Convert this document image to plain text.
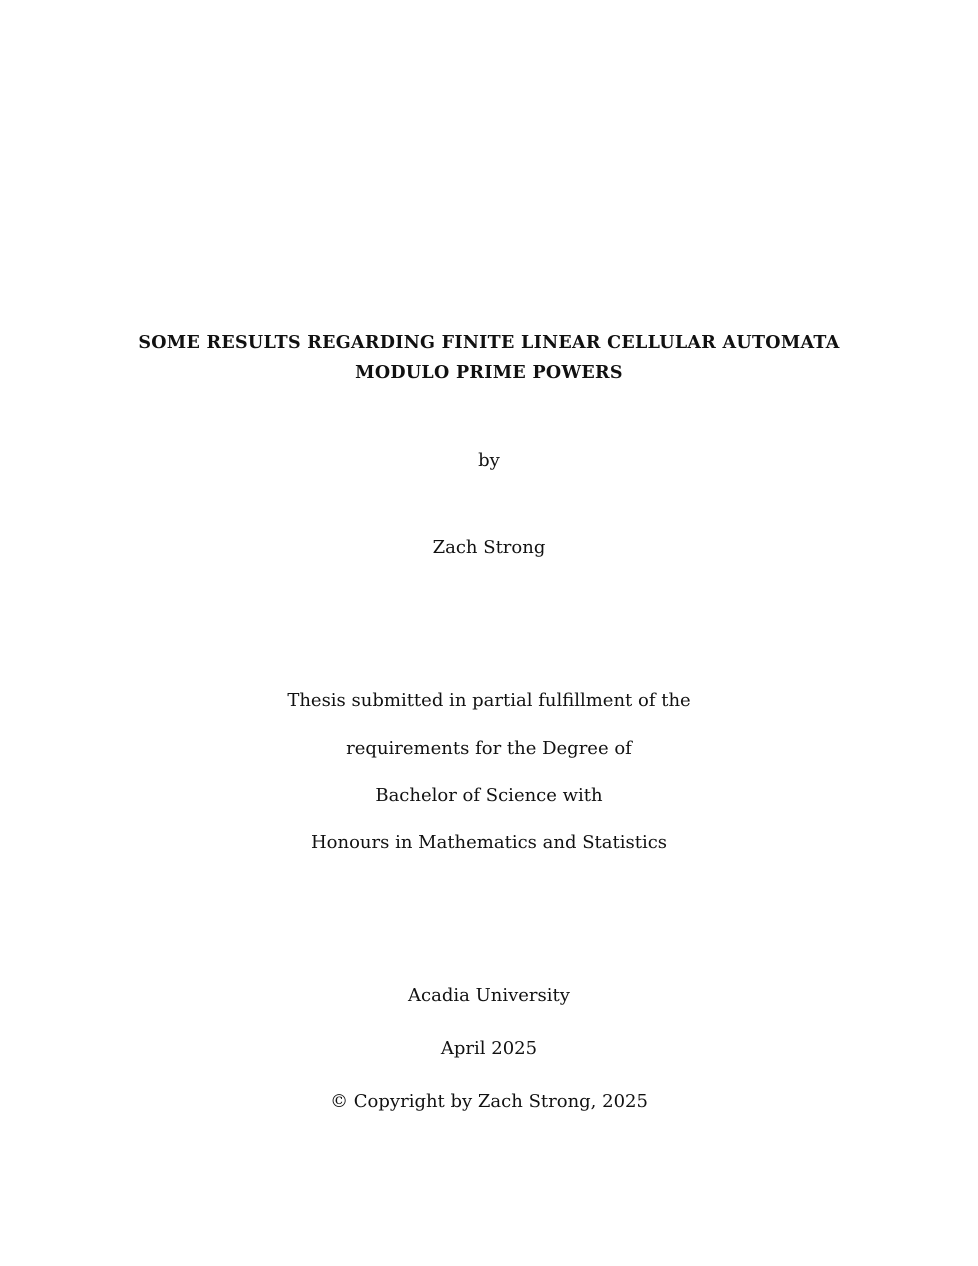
SOME RESULTS REGARDING FINITE LINEAR CELLULAR AUTOMATA
MODULO PRIME POWERS
by
Zach Strong
Thesis submitted in partial fulfillment of the
requirements for the Degree of
Bachelor of Science with
Honours in Mathematics and Statistics
Acadia University
April 2025
© Copyright by Zach Strong, 2025
